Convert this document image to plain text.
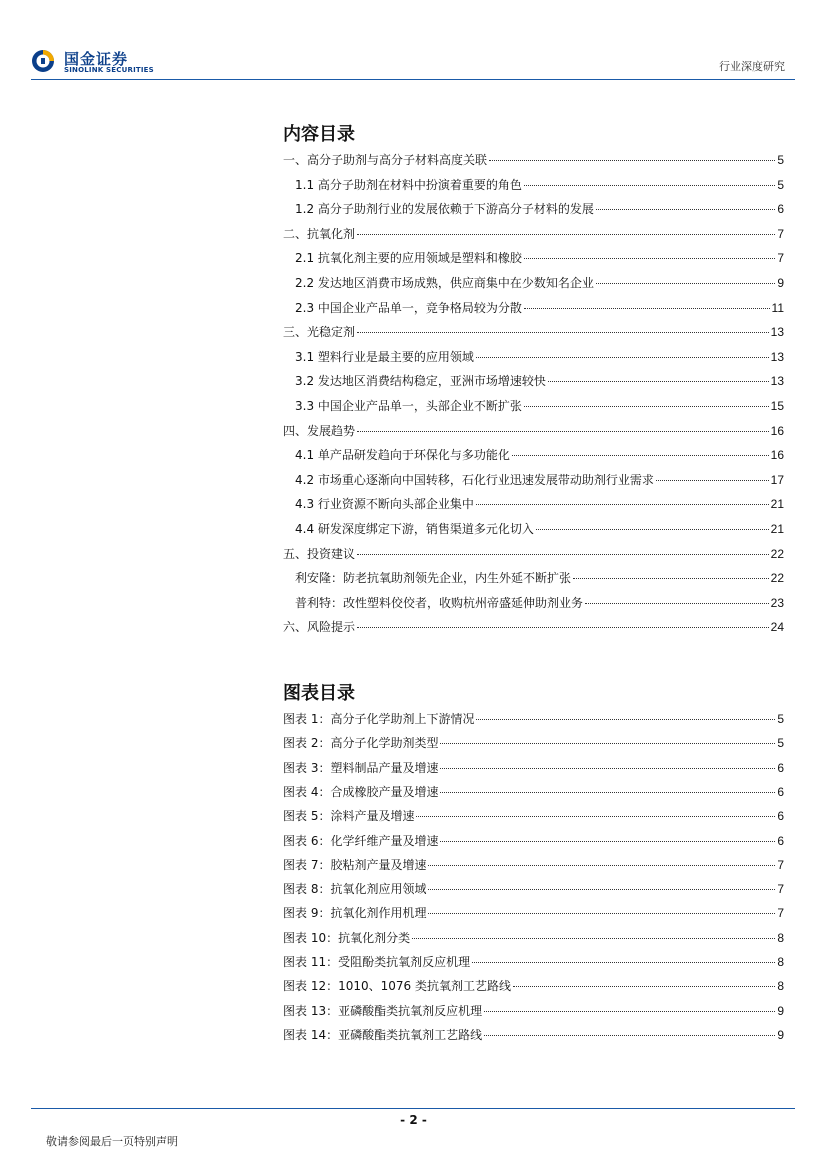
国金证券
SINOLINK SECURITIES	行业深度研究
内容目录
一、高分子助剂与高分子材料高度关联	5
1.1 高分子助剂在材料中扮演着重要的角色	5
1.2 高分子助剂行业的发展依赖于下游高分子材料的发展	6
二、抗氧化剂	7
2.1 抗氧化剂主要的应用领域是塑料和橡胶	7
2.2 发达地区消费市场成熟，供应商集中在少数知名企业	9
2.3 中国企业产品单一，竞争格局较为分散	11
三、光稳定剂	13
3.1 塑料行业是最主要的应用领域	13
3.2 发达地区消费结构稳定，亚洲市场增速较快	13
3.3 中国企业产品单一，头部企业不断扩张	15
四、发展趋势	16
4.1 单产品研发趋向于环保化与多功能化	16
4.2 市场重心逐渐向中国转移，石化行业迅速发展带动助剂行业需求	17
4.3 行业资源不断向头部企业集中	21
4.4 研发深度绑定下游，销售渠道多元化切入	21
五、投资建议	22
利安隆：防老抗氧助剂领先企业，内生外延不断扩张	22
普利特：改性塑料佼佼者，收购杭州帝盛延伸助剂业务	23
六、风险提示	24
图表目录
图表 1：高分子化学助剂上下游情况	5
图表 2：高分子化学助剂类型	5
图表 3：塑料制品产量及增速	6
图表 4：合成橡胶产量及增速	6
图表 5：涂料产量及增速	6
图表 6：化学纤维产量及增速	6
图表 7：胶粘剂产量及增速	7
图表 8：抗氧化剂应用领域	7
图表 9：抗氧化剂作用机理	7
图表 10：抗氧化剂分类	8
图表 11：受阻酚类抗氧剂反应机理	8
图表 12：1010、1076 类抗氧剂工艺路线	8
图表 13：亚磷酸酯类抗氧剂反应机理	9
图表 14：亚磷酸酯类抗氧剂工艺路线	9
- 2 -
敬请参阅最后一页特别声明
